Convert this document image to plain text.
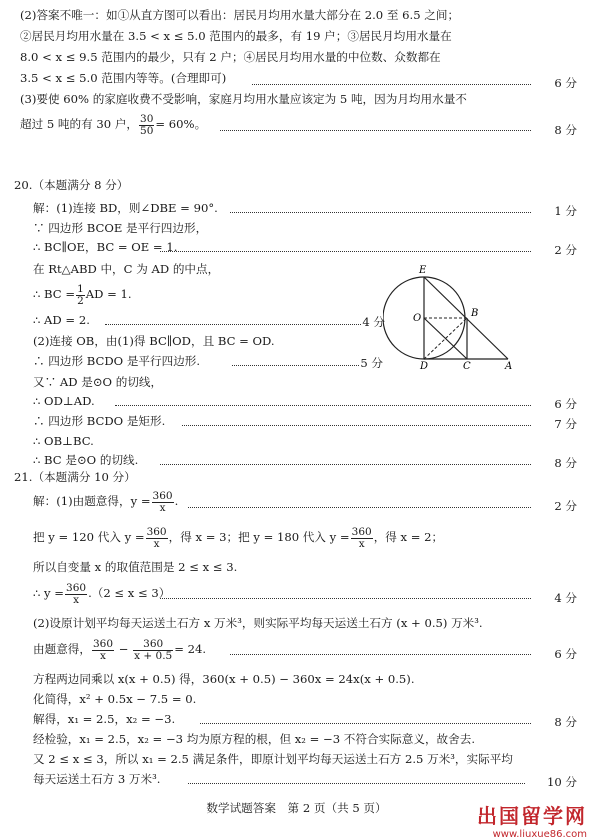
(2)答案不唯一：如①从直方图可以看出：居民月均用水量大部分在 2.0 至 6.5 之间；
②居民月均用水量在 3.5 < x ≤ 5.0 范围内的最多，有 19 户；③居民月均用水量在
8.0 < x ≤ 9.5 范围内的最少，只有 2 户；④居民月均用水量的中位数、众数都在
3.5 < x ≤ 5.0 范围内等等。(合理即可)	6 分
(3)要使 60% 的家庭收费不受影响，家庭月均用水量应该定为 5 吨，因为月均用水量不
超过 5 吨的有 30 户， $\frac{30}{50} = 60\%$。	8 分
20.（本题满分 8 分）
解：(1)连接 BD，则∠DBE = 90°.	1 分
∵ 四边形 BCOE 是平行四边形，
∴ BC∥OE，BC = OE = 1.	2 分
在 Rt△ABD 中，C 为 AD 的中点，
∴ BC = $\frac{1}{2}$ AD = 1.
∴ AD = 2.	4 分
(2)连接 OB，由(1)得 BC∥OD，且 BC = OD.
∴ 四边形 BCDO 是平行四边形.	5 分
又∵ AD 是⊙O 的切线，
∴ OD⊥AD.	6 分
∴ 四边形 BCDO 是矩形.	7 分
∴ OB⊥BC.
∴ BC 是⊙O 的切线.	8 分
E
O	B
D	C	A
21.（本题满分 10 分）
解：(1)由题意得，$y = \frac{360}{x}$ .	2 分
把 y = 120 代入 $y = \frac{360}{x}$ ，得 x = 3；把 y = 180 代入 $y = \frac{360}{x}$ ，得 x = 2；
所以自变量 x 的取值范围是 2 ≤ x ≤ 3.
∴ $y = \frac{360}{x} .(2 \le x \le 3)$	4 分
(2)设原计划平均每天运送土石方 x 万米³，则实际平均每天运送土石方 (x + 0.5) 万米³.
由题意得， $\frac{360}{x} - \frac{360}{x + 0.5} = 24$.	6 分
方程两边同乘以 x(x + 0.5) 得，360(x + 0.5) − 360x = 24x(x + 0.5).
化简得，x² + 0.5x − 7.5 = 0.
解得，x₁ = 2.5，x₂ = −3.	8 分
经检验，x₁ = 2.5，x₂ = −3 均为原方程的根，但 x₂ = −3 不符合实际意义，故舍去.
又 2 ≤ x ≤ 3，所以 x₁ = 2.5 满足条件，即原计划平均每天运送土石方 2.5 万米³，实际平均
每天运送土石方 3 万米³.	10 分
数学试题答案　第 2 页（共 5 页）	出国留学网
www.liuxue86.com
